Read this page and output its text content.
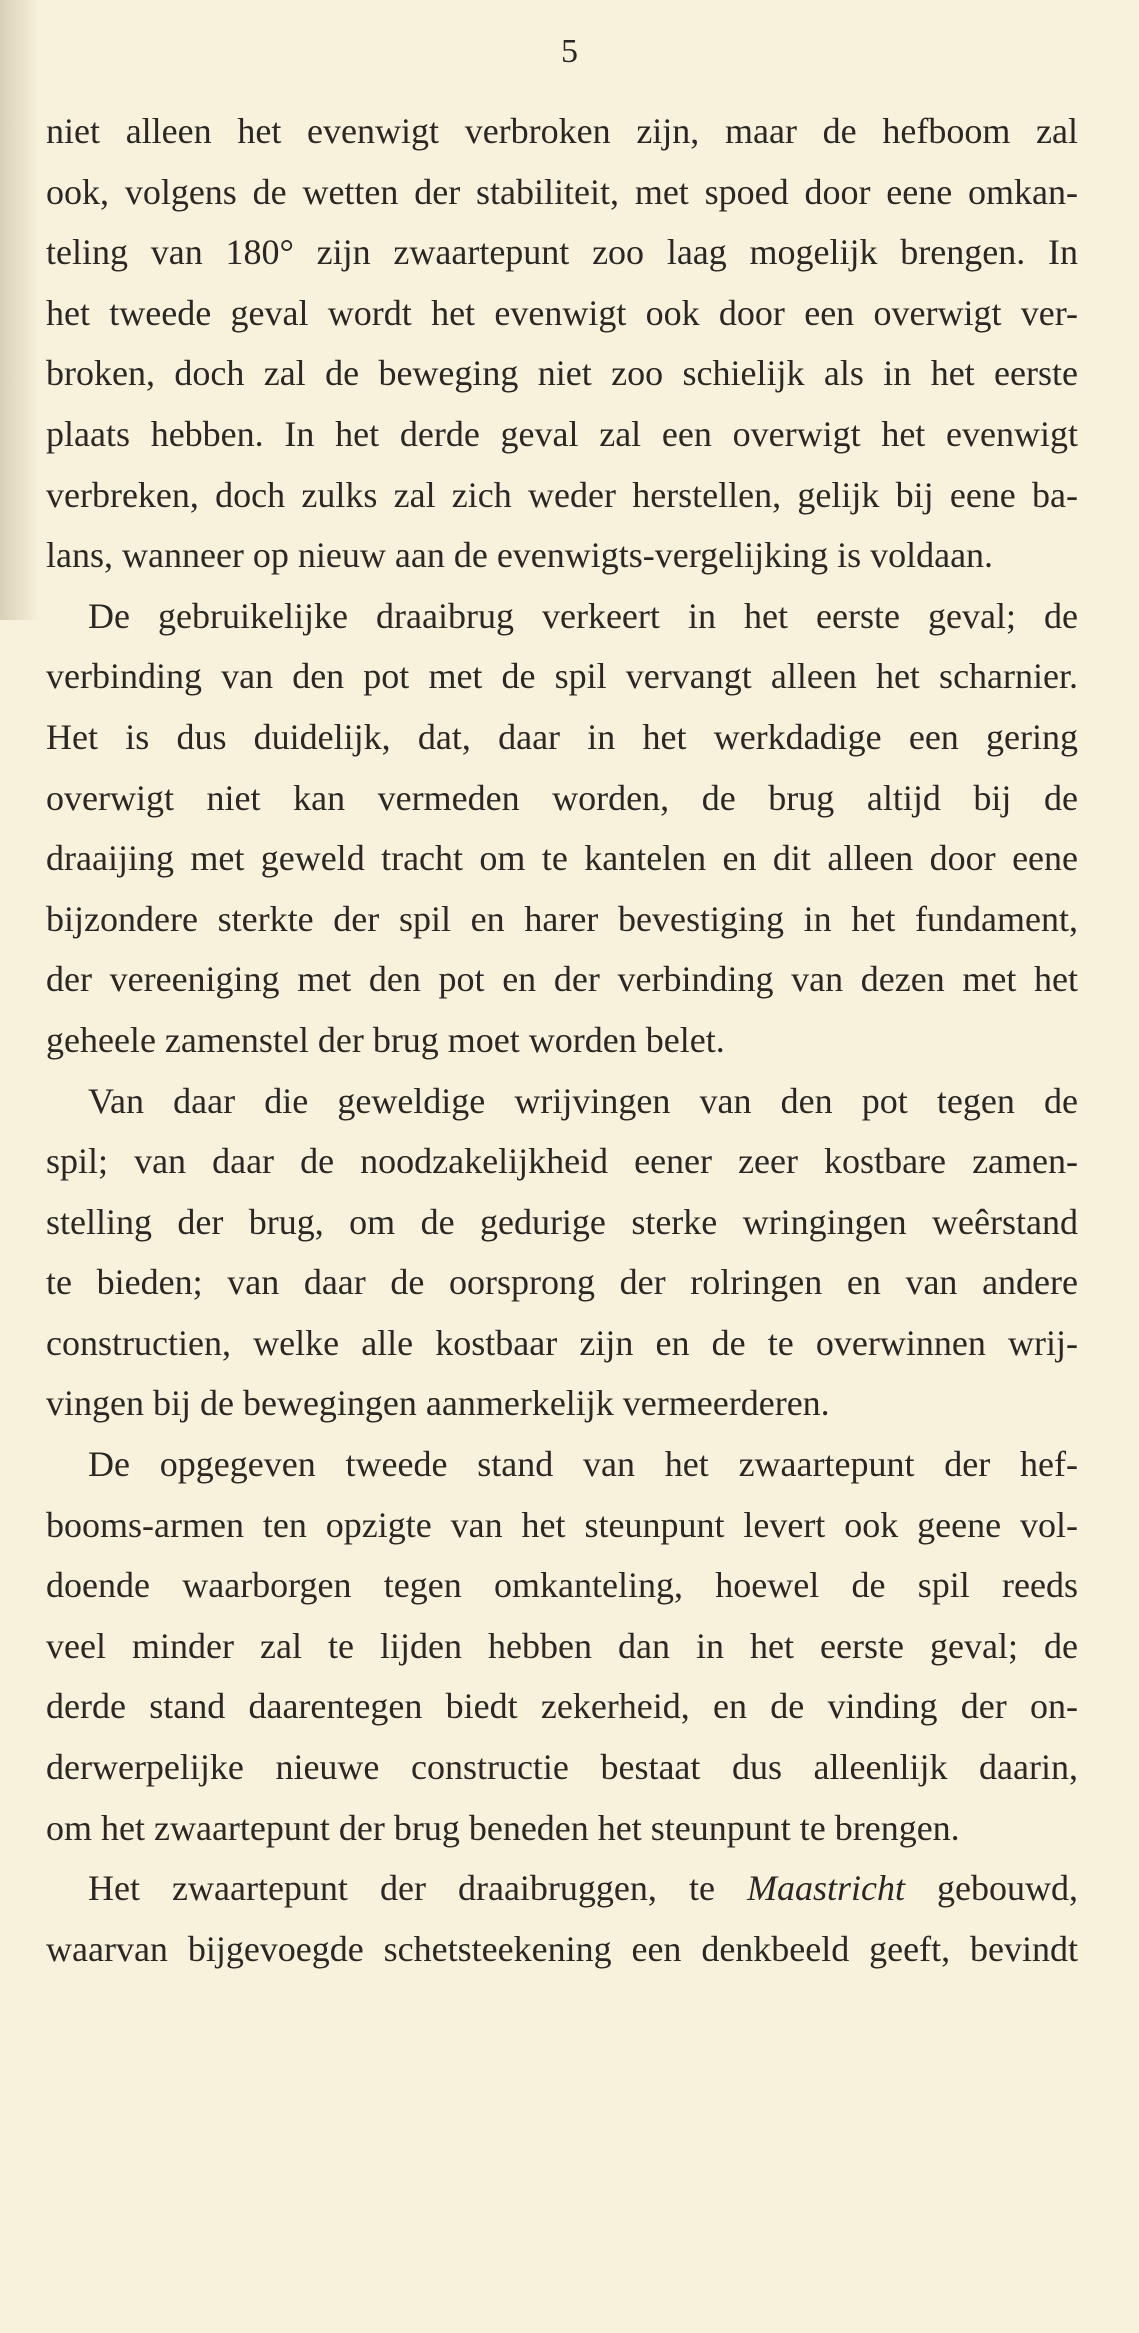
5
niet alleen het evenwigt verbroken zijn, maar de hefboom zal
ook, volgens de wetten der stabiliteit, met spoed door eene omkan-
teling van 180° zijn zwaartepunt zoo laag mogelijk brengen. In
het tweede geval wordt het evenwigt ook door een overwigt ver-
broken, doch zal de beweging niet zoo schielijk als in het eerste
plaats hebben. In het derde geval zal een overwigt het evenwigt
verbreken, doch zulks zal zich weder herstellen, gelijk bij eene ba-
lans, wanneer op nieuw aan de evenwigts-vergelijking is voldaan.
De gebruikelijke draaibrug verkeert in het eerste geval; de
verbinding van den pot met de spil vervangt alleen het scharnier.
Het is dus duidelijk, dat, daar in het werkdadige een gering
overwigt niet kan vermeden worden, de brug altijd bij de
draaijing met geweld tracht om te kantelen en dit alleen door eene
bijzondere sterkte der spil en harer bevestiging in het fundament,
der vereeniging met den pot en der verbinding van dezen met het
geheele zamenstel der brug moet worden belet.
Van daar die geweldige wrijvingen van den pot tegen de
spil; van daar de noodzakelijkheid eener zeer kostbare zamen-
stelling der brug, om de gedurige sterke wringingen weêrstand
te bieden; van daar de oorsprong der rolringen en van andere
constructien, welke alle kostbaar zijn en de te overwinnen wrij-
vingen bij de bewegingen aanmerkelijk vermeerderen.
De opgegeven tweede stand van het zwaartepunt der hef-
booms-armen ten opzigte van het steunpunt levert ook geene vol-
doende waarborgen tegen omkanteling, hoewel de spil reeds
veel minder zal te lijden hebben dan in het eerste geval; de
derde stand daarentegen biedt zekerheid, en de vinding der on-
derwerpelijke nieuwe constructie bestaat dus alleenlijk daarin,
om het zwaartepunt der brug beneden het steunpunt te brengen.
Het zwaartepunt der draaibruggen, te Maastricht gebouwd,
waarvan bijgevoegde schetsteekening een denkbeeld geeft, bevindt
